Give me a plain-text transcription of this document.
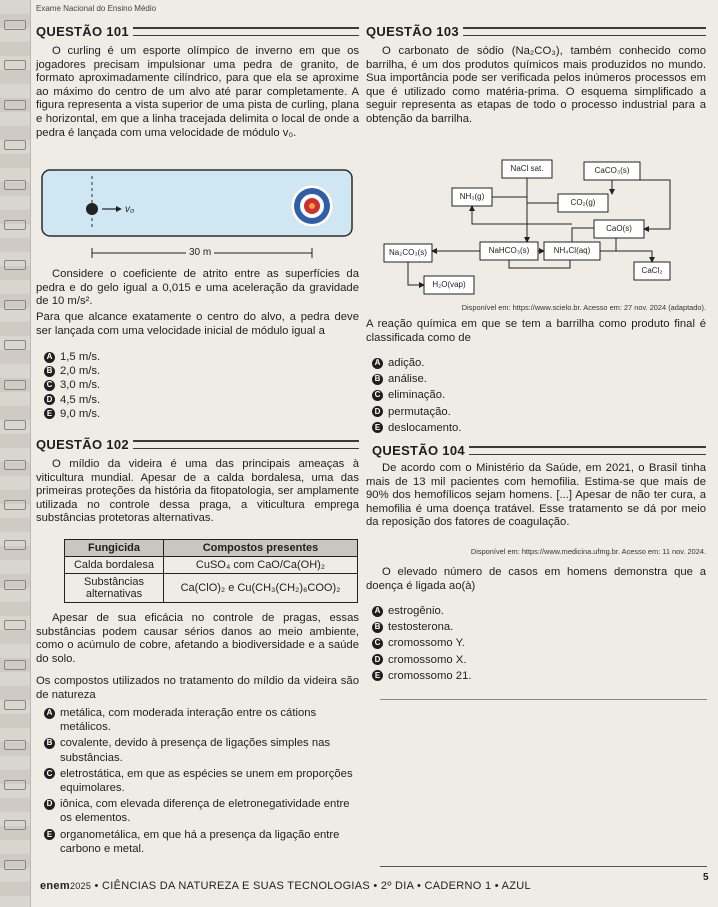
Exame Nacional do Ensino Médio
QUESTÃO 101

O curling é um esporte olímpico de inverno em que os jogadores precisam impulsionar uma pedra de granito, de formato aproximadamente cilíndrico, para que ela se aproxime ao máximo do centro de um alvo até parar completamente. A figura representa a vista superior de uma pista de curling, plana e horizontal, em que a linha tracejada delimita o local de onde a pedra é lançada com uma velocidade de módulo v₀.

v₀
30 m

Considere o coeficiente de atrito entre as superfícies da pedra e do gelo igual a 0,015 e uma aceleração da gravidade de 10 m/s².

Para que alcance exatamente o centro do alvo, a pedra deve ser lançada com uma velocidade inicial de módulo igual a

A 1,5 m/s.
B 2,0 m/s.
C 3,0 m/s.
D 4,5 m/s.
E 9,0 m/s.
QUESTÃO 102

O míldio da videira é uma das principais ameaças à viticultura mundial. Apesar de a calda bordalesa, uma das primeiras proteções da história da fitopatologia, ser amplamente utilizada no controle dessa praga, a viticultura emprega substâncias protetoras alternativas.

Fungicida	Compostos presentes
Calda bordalesa	CuSO₄ com CaO/Ca(OH)₂
Substâncias alternativas	Ca(ClO)₂ e Cu(CH₃(CH₂)₆COO)₂

Apesar de sua eficácia no controle de pragas, essas substâncias podem causar sérios danos ao meio ambiente, como o acúmulo de cobre, afetando a biodiversidade e a saúde do solo.

Os compostos utilizados no tratamento do míldio da videira são de natureza

A metálica, com moderada interação entre os cátions metálicos.
B covalente, devido à presença de ligações simples nas substâncias.
C eletrostática, em que as espécies se unem em proporções equimolares.
D iônica, com elevada diferença de eletronegatividade entre os elementos.
E organometálica, em que há a presença da ligação entre carbono e metal.
QUESTÃO 103

O carbonato de sódio (Na₂CO₃), também conhecido como barrilha, é um dos produtos químicos mais produzidos no mundo. Sua importância pode ser verificada pelos inúmeros processos em que é utilizado como matéria-prima. O esquema simplificado a seguir representa as etapas de todo o processo industrial para a obtenção da barrilha.

NaCl sat.	CaCO₃(s)
NH₃(g)
CO₂(g)
CaO(s)
Na₂CO₃(s)	NaHCO₃(s)	NH₄Cl(aq)
CaCl₂
H₂O(vap)
Disponível em: https://www.scielo.br. Acesso em: 27 nov. 2024 (adaptado).

A reação química em que se tem a barrilha como produto final é classificada como de

A adição.
B análise.
C eliminação.
D permutação.
E deslocamento.
QUESTÃO 104

De acordo com o Ministério da Saúde, em 2021, o Brasil tinha mais de 13 mil pacientes com hemofilia. Estima-se que mais de 90% dos hemofílicos sejam homens. [...] Apesar de não ter cura, a hemofilia é uma doença tratável. Esse tratamento se dá por meio da reposição dos fatores de coagulação.

Disponível em: https://www.medicina.ufmg.br. Acesso em: 11 nov. 2024.

O elevado número de casos em homens demonstra que a doença é ligada ao(à)

A estrogênio.
B testosterona.
C cromossomo Y.
D cromossomo X.
E cromossomo 21.
enem2025 • CIÊNCIAS DA NATUREZA E SUAS TECNOLOGIAS • 2º DIA • CADERNO 1 • AZUL
5
